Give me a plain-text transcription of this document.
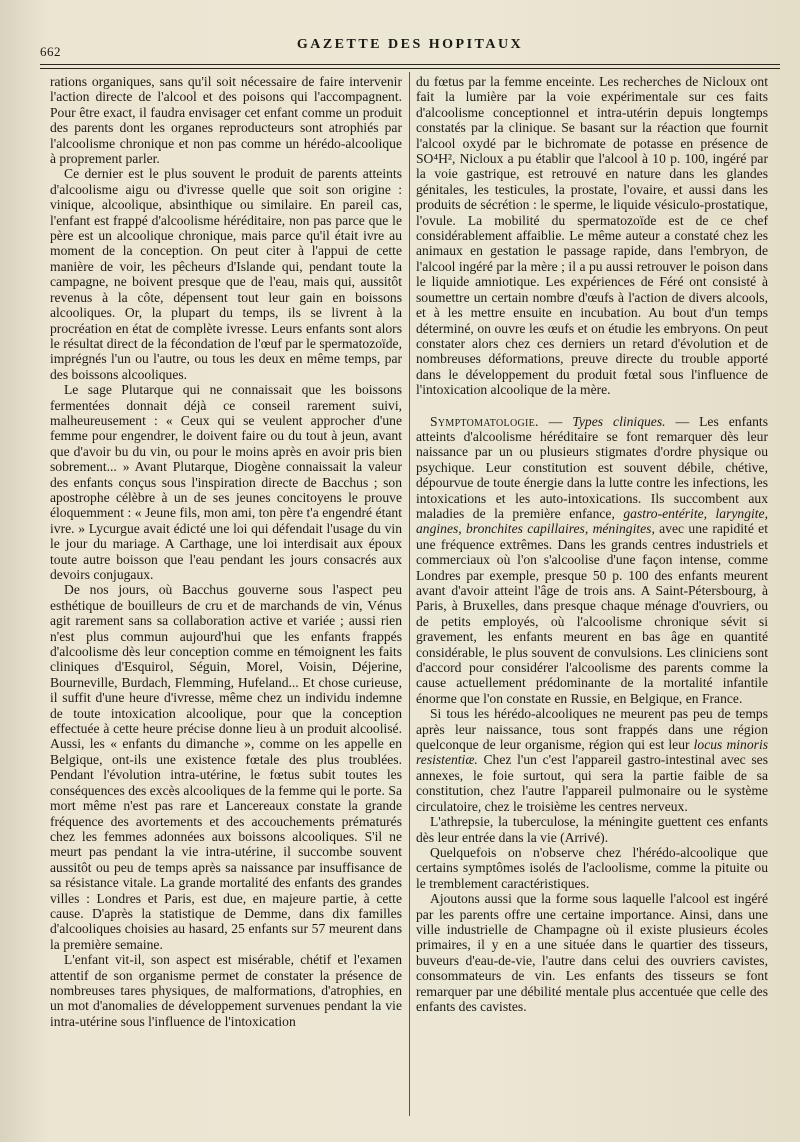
662	GAZETTE DES HOPITAUX

rations organiques, sans qu'il soit nécessaire de faire intervenir l'action directe de l'alcool et des poisons qui l'accompagnent. Pour être exact, il faudra envisager cet enfant comme un produit des parents dont les organes reproducteurs sont atrophiés par l'alcoolisme chronique et non pas comme un hérédo-alcoolique à proprement parler.

Ce dernier est le plus souvent le produit de parents atteints d'alcoolisme aigu ou d'ivresse quelle que soit son origine : vinique, alcoolique, absinthique ou similaire. En pareil cas, l'enfant est frappé d'alcoolisme héréditaire, non pas parce que le père est un alcoolique chronique, mais parce qu'il était ivre au moment de la conception. On peut citer à l'appui de cette manière de voir, les pêcheurs d'Islande qui, pendant toute la campagne, ne boivent presque que de l'eau, mais qui, aussitôt revenus à la côte, dépensent tout leur gain en boissons alcooliques. Or, la plupart du temps, ils se livrent à la procréation en état de complète ivresse. Leurs enfants sont alors le résultat direct de la fécondation de l'œuf par le spermatozoïde, imprégnés l'un ou l'autre, ou tous les deux en même temps, par des boissons alcooliques.

Le sage Plutarque qui ne connaissait que les boissons fermentées donnait déjà ce conseil rarement suivi, malheureusement : « Ceux qui se veulent approcher d'une femme pour engendrer, le doivent faire ou du tout à jeun, avant que d'avoir bu du vin, ou pour le moins après en avoir pris bien sobrement... » Avant Plutarque, Diogène connaissait la valeur des enfants conçus sous l'inspiration directe de Bacchus ; son apostrophe célèbre à un de ses jeunes concitoyens le prouve éloquemment : « Jeune fils, mon ami, ton père t'a engendré étant ivre. » Lycurgue avait édicté une loi qui défendait l'usage du vin le jour du mariage. A Carthage, une loi interdisait aux époux toute autre boisson que l'eau pendant les jours consacrés aux devoirs conjugaux.

De nos jours, où Bacchus gouverne sous l'aspect peu esthétique de bouilleurs de cru et de marchands de vin, Vénus agit rarement sans sa collaboration active et variée ; aussi rien n'est plus commun aujourd'hui que les enfants frappés d'alcoolisme dès leur conception comme en témoignent les faits cliniques d'Esquirol, Séguin, Morel, Voisin, Déjerine, Bourneville, Burdach, Flemming, Hufeland... Et chose curieuse, il suffit d'une heure d'ivresse, même chez un individu indemne de toute intoxication alcoolique, pour que la conception effectuée à cette heure précise donne lieu à un produit alcoolisé. Aussi, les « enfants du dimanche », comme on les appelle en Belgique, ont-ils une existence fœtale des plus troublées. Pendant l'évolution intra-utérine, le fœtus subit toutes les conséquences des excès alcooliques de la femme qui le porte. Sa mort même n'est pas rare et Lancereaux constate la grande fréquence des avortements et des accouchements prématurés chez les femmes adonnées aux boissons alcooliques. S'il ne meurt pas pendant la vie intra-utérine, il succombe souvent aussitôt ou peu de temps après sa naissance par insuffisance de sa résistance vitale. La grande mortalité des enfants des grandes villes : Londres et Paris, est due, en majeure partie, à cette cause. D'après la statistique de Demme, dans dix familles d'alcooliques choisies au hasard, 25 enfants sur 57 meurent dans la première semaine.

L'enfant vit-il, son aspect est misérable, chétif et l'examen attentif de son organisme permet de constater la présence de nombreuses tares physiques, de malformations, d'atrophies, en un mot d'anomalies de développement survenues pendant la vie intra-utérine sous l'influence de l'intoxication

du fœtus par la femme enceinte. Les recherches de Nicloux ont fait la lumière par la voie expérimentale sur ces faits d'alcoolisme conceptionnel et intra-utérin depuis longtemps constatés par la clinique. Se basant sur la réaction que fournit l'alcool oxydé par le bichromate de potasse en présence de SO⁴H², Nicloux a pu établir que l'alcool à 10 p. 100, ingéré par la voie gastrique, est retrouvé en nature dans les glandes génitales, les testicules, la prostate, l'ovaire, et aussi dans les produits de sécrétion : le sperme, le liquide vésiculo-prostatique, l'ovule. La mobilité du spermatozoïde est de ce chef considérablement affaiblie. Le même auteur a constaté chez les animaux en gestation le passage rapide, dans l'embryon, de l'alcool ingéré par la mère ; il a pu aussi retrouver le poison dans le liquide amniotique. Les expériences de Féré ont consisté à soumettre un certain nombre d'œufs à l'action de divers alcools, et à les mettre ensuite en incubation. Au bout d'un temps déterminé, on ouvre les œufs et on étudie les embryons. On peut constater alors chez ces derniers un retard d'évolution et de nombreuses déformations, preuve directe du trouble apporté dans le développement du produit fœtal sous l'influence de l'intoxication alcoolique de la mère.

Symptomatologie. — Types cliniques. — Les enfants atteints d'alcoolisme héréditaire se font remarquer dès leur naissance par un ou plusieurs stigmates d'ordre physique ou psychique. Leur constitution est souvent débile, chétive, dépourvue de toute énergie dans la lutte contre les infections, les intoxications et les auto-intoxications. Ils succombent aux maladies de la première enfance, gastro-entérite, laryngite, angines, bronchites capillaires, méningites, avec une rapidité et une fréquence extrêmes. Dans les grands centres industriels et commerciaux où l'on s'alcoolise d'une façon intense, comme Londres par exemple, presque 50 p. 100 des enfants meurent avant d'avoir atteint l'âge de trois ans. A Saint-Pétersbourg, à Paris, à Bruxelles, dans presque chaque ménage d'ouvriers, ou de petits employés, où l'alcoolisme chronique sévit si gravement, les enfants meurent en bas âge en quantité considérable, le plus souvent de convulsions. Les cliniciens sont d'accord pour considérer l'alcoolisme des parents comme la cause actuellement prédominante de la mortalité infantile énorme que l'on constate en Russie, en Belgique, en France.

Si tous les hérédo-alcooliques ne meurent pas peu de temps après leur naissance, tous sont frappés dans une région quelconque de leur organisme, région qui est leur locus minoris resistentiæ. Chez l'un c'est l'appareil gastro-intestinal avec ses annexes, le foie surtout, qui sera la partie faible de sa constitution, chez l'autre l'appareil pulmonaire ou le système circulatoire, chez le troisième les centres nerveux.

L'athrepsie, la tuberculose, la méningite guettent ces enfants dès leur entrée dans la vie (Arrivé).

Quelquefois on n'observe chez l'hérédo-alcoolique que certains symptômes isolés de l'acloolisme, comme la pituite ou le tremblement caractéristiques.

Ajoutons aussi que la forme sous laquelle l'alcool est ingéré par les parents offre une certaine importance. Ainsi, dans une ville industrielle de Champagne où il existe plusieurs écoles primaires, il y en a une située dans le quartier des tisseurs, buveurs d'eau-de-vie, l'autre dans celui des ouvriers cavistes, consommateurs de vin. Les enfants des tisseurs se font remarquer par une débilité mentale plus accentuée que celle des enfants des cavistes.
